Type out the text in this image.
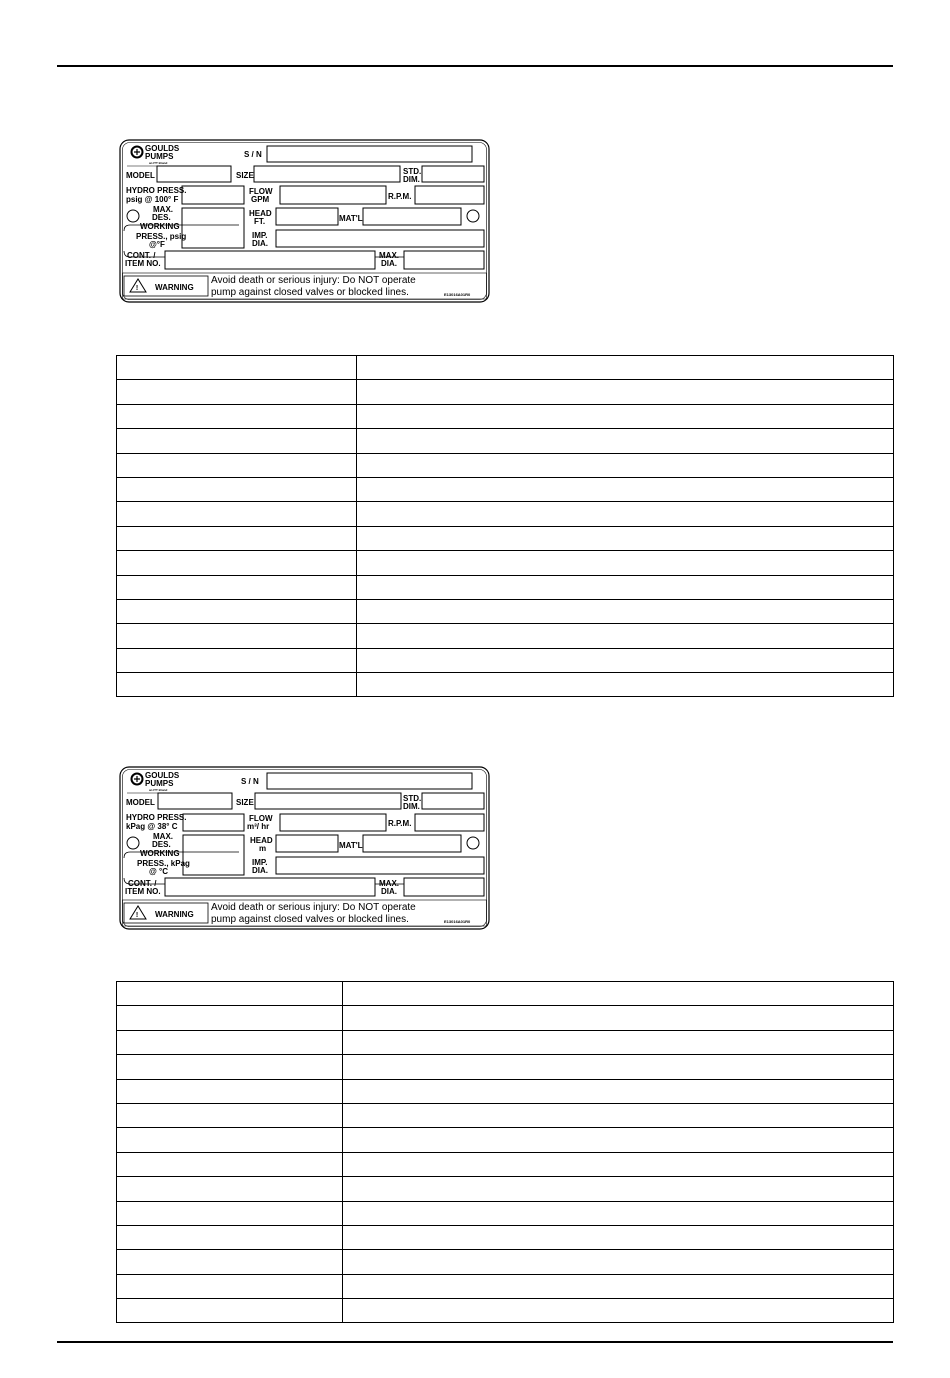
GOULDS
PUMPS
an ITT Brand
S / N
MODEL	SIZE	STD.
DIM.
HYDRO PRESS.
psig @ 100° F
FLOW
GPM	R.P.M.
MAX.
DES.
WORKING
PRESS., psig
@°F
HEAD
FT.	MAT'L
IMP.
DIA.
CONT. /
ITEM NO.
MAX.
DIA.
! WARNING
Avoid death or serious injury: Do NOT operate
pump against closed valves or blocked lines.	E13016A01R0

GOULDS
PUMPS
an ITT Brand
S / N
MODEL	SIZE	STD.
DIM.
HYDRO PRESS.
kPag @ 38° C
FLOW
m³/ hr	R.P.M.
MAX.
DES.
WORKING
PRESS., kPag
@ °C
HEAD
m	MAT'L
IMP.
DIA.
CONT. /
ITEM NO.
MAX.
DIA.
! WARNING
Avoid death or serious injury: Do NOT operate
pump against closed valves or blocked lines.	E13016A01R0
